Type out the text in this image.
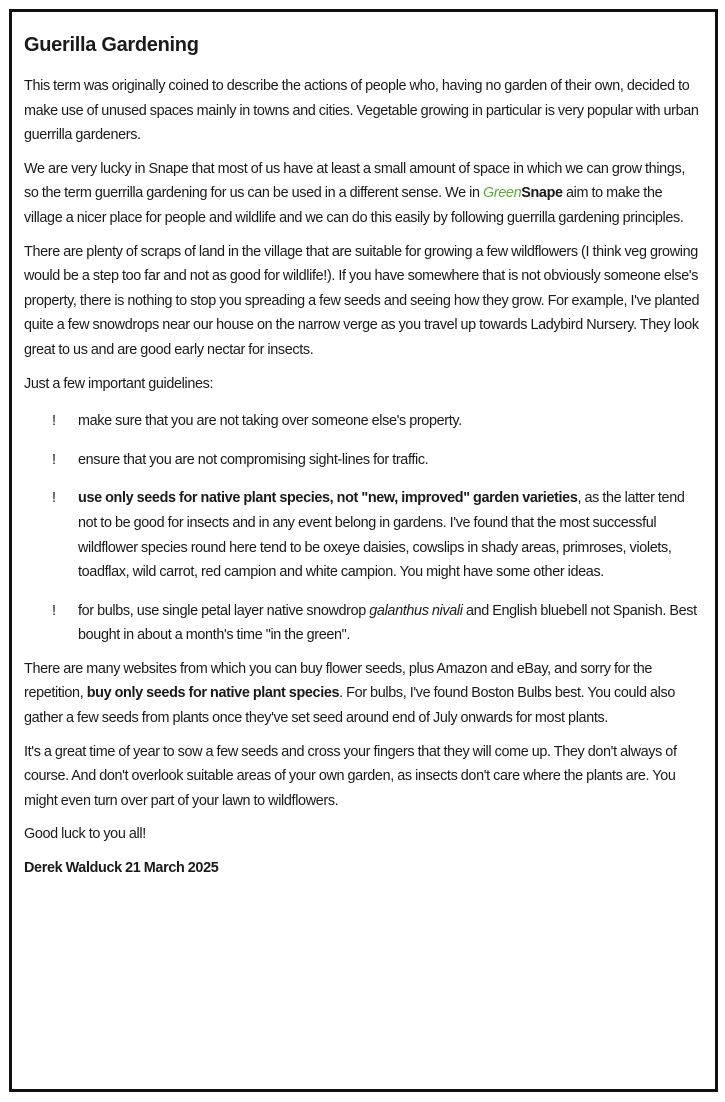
Guerilla Gardening

This term was originally coined to describe the actions of people who, having no garden of their own, decided to make use of unused spaces mainly in towns and cities. Vegetable growing in particular is very popular with urban guerrilla gardeners.

We are very lucky in Snape that most of us have at least a small amount of space in which we can grow things, so the term guerrilla gardening for us can be used in a different sense. We in GreenSnape aim to make the village a nicer place for people and wildlife and we can do this easily by following guerrilla gardening principles.

There are plenty of scraps of land in the village that are suitable for growing a few wildflowers (I think veg growing would be a step too far and not as good for wildlife!). If you have somewhere that is not obviously someone else's property, there is nothing to stop you spreading a few seeds and seeing how they grow. For example, I've planted quite a few snowdrops near our house on the narrow verge as you travel up towards Ladybird Nursery. They look great to us and are good early nectar for insects.

Just a few important guidelines:

! make sure that you are not taking over someone else's property.
! ensure that you are not compromising sight-lines for traffic.
! use only seeds for native plant species, not "new, improved" garden varieties, as the latter tend not to be good for insects and in any event belong in gardens. I've found that the most successful wildflower species round here tend to be oxeye daisies, cowslips in shady areas, primroses, violets, toadflax, wild carrot, red campion and white campion. You might have some other ideas.
! for bulbs, use single petal layer native snowdrop galanthus nivali and English bluebell not Spanish. Best bought in about a month's time "in the green".

There are many websites from which you can buy flower seeds, plus Amazon and eBay, and sorry for the repetition, buy only seeds for native plant species. For bulbs, I've found Boston Bulbs best. You could also gather a few seeds from plants once they've set seed around end of July onwards for most plants.

It's a great time of year to sow a few seeds and cross your fingers that they will come up. They don't always of course. And don't overlook suitable areas of your own garden, as insects don't care where the plants are. You might even turn over part of your lawn to wildflowers.

Good luck to you all!

Derek Walduck 21 March 2025
